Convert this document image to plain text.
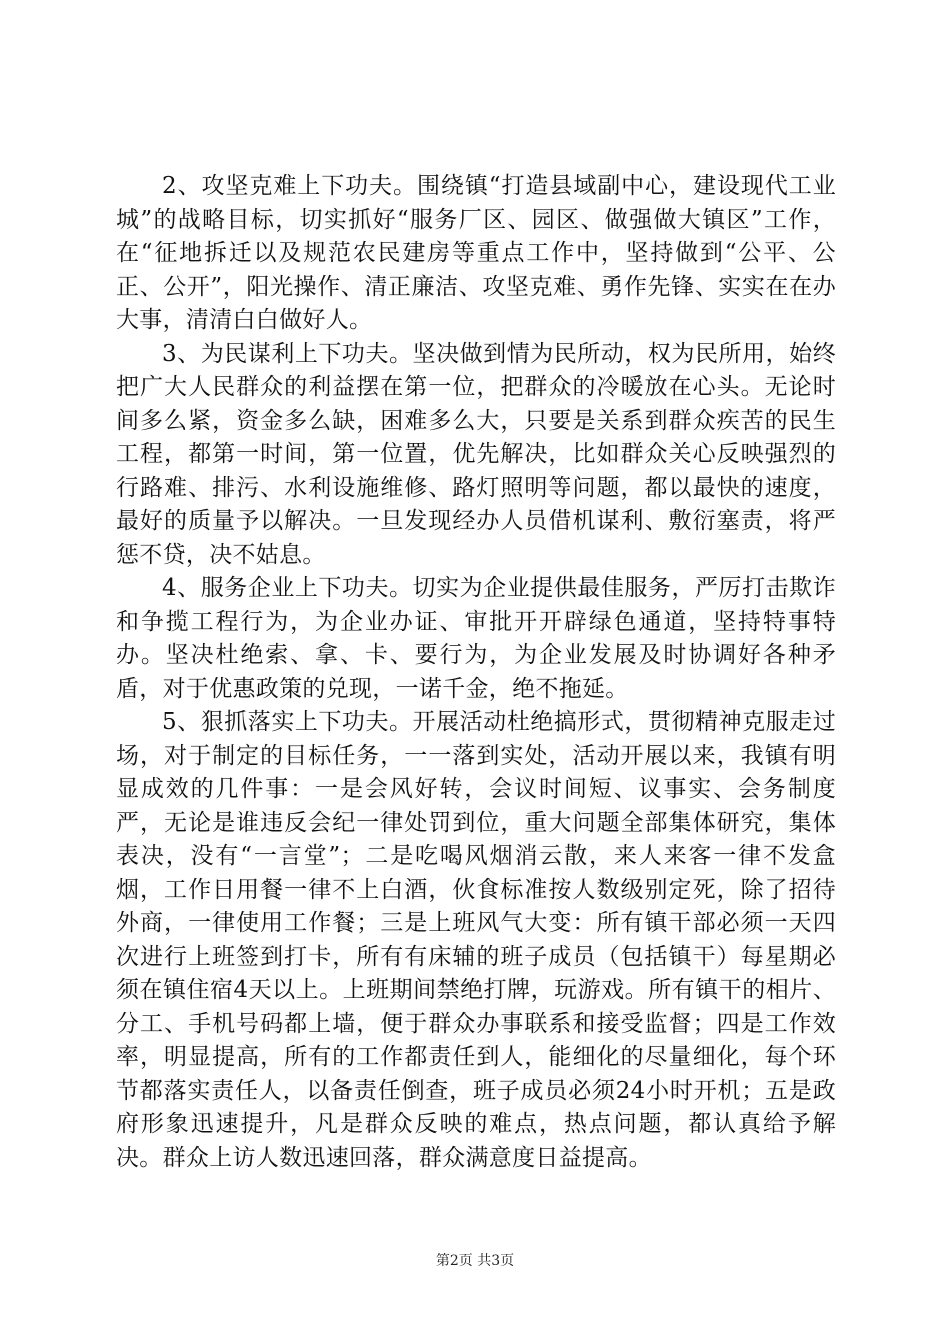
2、攻坚克难上下功夫。围绕镇“打造县域副中心，建设现代工业城”的战略目标，切实抓好“服务厂区、园区、做强做大镇区”工作，在“征地拆迁以及规范农民建房等重点工作中，坚持做到“公平、公正、公开”，阳光操作、清正廉洁、攻坚克难、勇作先锋、实实在在办大事，清清白白做好人。

3、为民谋利上下功夫。坚决做到情为民所动，权为民所用，始终把广大人民群众的利益摆在第一位，把群众的冷暖放在心头。无论时间多么紧，资金多么缺，困难多么大，只要是关系到群众疾苦的民生工程，都第一时间，第一位置，优先解决，比如群众关心反映强烈的行路难、排污、水利设施维修、路灯照明等问题，都以最快的速度，最好的质量予以解决。一旦发现经办人员借机谋利、敷衍塞责，将严惩不贷，决不姑息。

4、服务企业上下功夫。切实为企业提供最佳服务，严厉打击欺诈和争揽工程行为，为企业办证、审批开开辟绿色通道，坚持特事特办。坚决杜绝索、拿、卡、要行为，为企业发展及时协调好各种矛盾，对于优惠政策的兑现，一诺千金，绝不拖延。

5、狠抓落实上下功夫。开展活动杜绝搞形式，贯彻精神克服走过场，对于制定的目标任务，一一落到实处，活动开展以来，我镇有明显成效的几件事：一是会风好转，会议时间短、议事实、会务制度严，无论是谁违反会纪一律处罚到位，重大问题全部集体研究，集体表决，没有“一言堂”；二是吃喝风烟消云散，来人来客一律不发盒烟，工作日用餐一律不上白酒，伙食标准按人数级别定死，除了招待外商，一律使用工作餐；三是上班风气大变：所有镇干部必须一天四次进行上班签到打卡，所有有床辅的班子成员（包括镇干）每星期必须在镇住宿4天以上。上班期间禁绝打牌，玩游戏。所有镇干的相片、分工、手机号码都上墙，便于群众办事联系和接受监督；四是工作效率，明显提高，所有的工作都责任到人，能细化的尽量细化，每个环节都落实责任人，以备责任倒查，班子成员必须24小时开机；五是政府形象迅速提升，凡是群众反映的难点，热点问题，都认真给予解决。群众上访人数迅速回落，群众满意度日益提高。

第2页 共3页
